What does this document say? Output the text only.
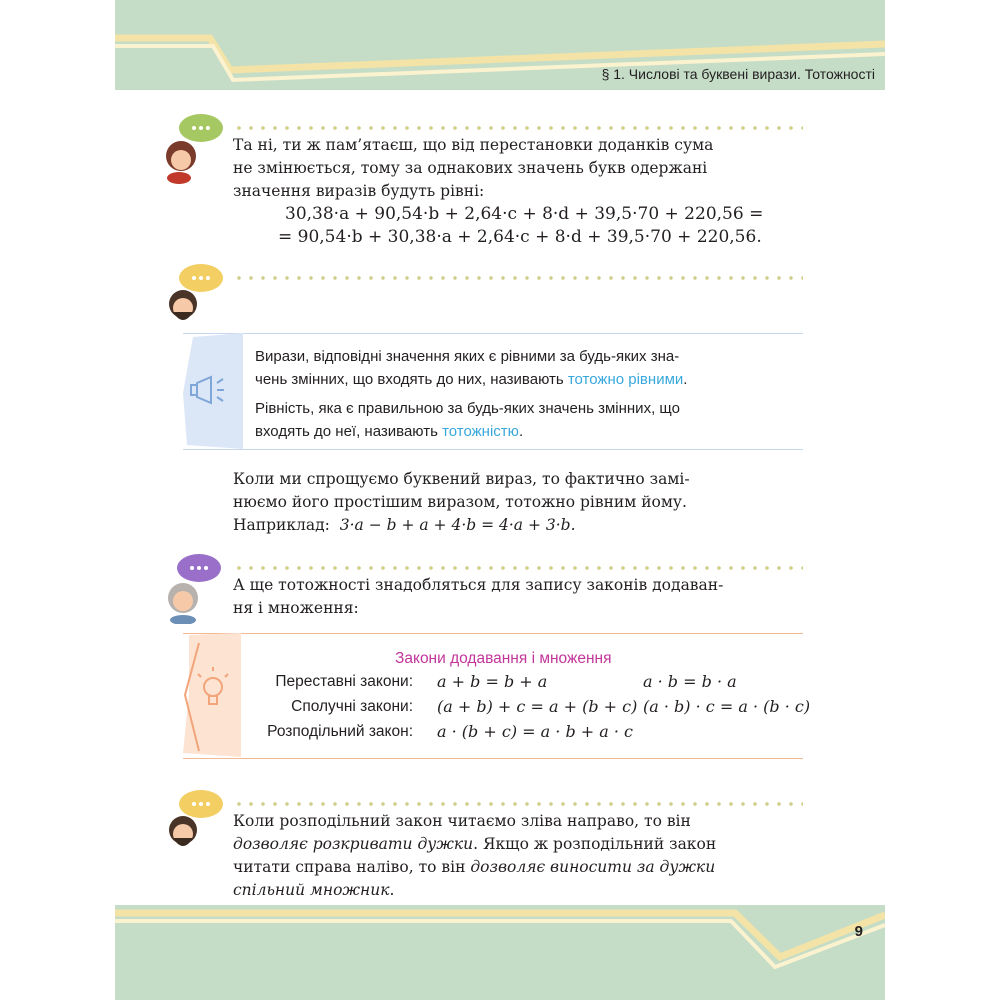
§ 1. Числові та буквені вирази. Тотожності
Та ні, ти ж пам’ятаєш, що від перестановки доданків сума
не змінюється, тому за однакових значень букв одержані
значення виразів будуть рівні:
30,38·a + 90,54·b + 2,64·c + 8·d + 39,5·70 + 220,56 =
= 90,54·b + 30,38·a + 2,64·c + 8·d + 39,5·70 + 220,56.
Вирази, відповідні значення яких є рівними за будь-яких зна-
чень змінних, що входять до них, називають тотожно рівними.
Рівність, яка є правильною за будь-яких значень змінних, що
входять до неї, називають тотожністю.
Коли ми спрощуємо буквений вираз, то фактично замі-
нюємо його простішим виразом, тотожно рівним йому.
Наприклад: 3·a − b + a + 4·b = 4·a + 3·b.
А ще тотожності знадобляться для запису законів додаван-
ня і множення:
Закони додавання і множення
Переставні закони: a + b = b + a	a · b = b · a
Сполучні закони: (a + b) + c = a + (b + c) (a · b) · c = a · (b · c)
Розподільний закон: a · (b + c) = a · b + a · c
Коли розподільний закон читаємо зліва направо, то він
дозволяє розкривати дужки. Якщо ж розподільний закон
читати справа наліво, то він дозволяє виносити за дужки
спільний множник.
9
